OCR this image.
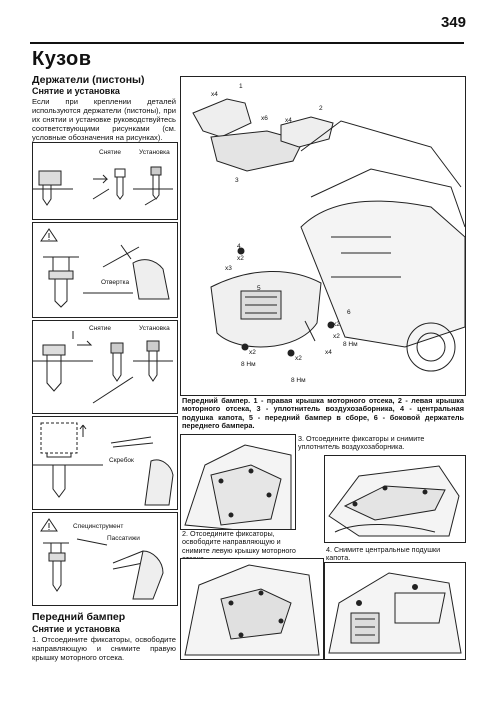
349
Кузов
Держатели (пистоны)
Снятие и установка
Если при креплении деталей используются держатели (пистоны), при их снятии и установке руководствуйтесь соответствующими рисунками (см. условные обозначения на рисунках).
Снятие	Установка
Отвертка
Снятие	Установка
Скребок
Специнструмент
Пассатижи
Передний бампер
Снятие и установка
1. Отсоедините фиксаторы, освободите направляющую и снимите правую крышку моторного отсека.
1
2
3
4
5
6
x4
x6	x4
x3
x2
x2
x2
x4
x2
x2
8 Нм
8 Нм
8 Нм
Передний бампер. 1 - правая крышка моторного отсека, 2 - левая крышка моторного отсека, 3 - уплотнитель воздухозаборника, 4 - центральная подушка капота, 5 - передний бампер в сборе, 6 - боковой держатель переднего бампера.
2. Отсоедините фиксаторы, освободите направляющую и снимите левую крышку моторного
3. Отсоедините фиксаторы и снимите уплотнитель воздухозаборника.
4. Снимите центральные подушки капота.
